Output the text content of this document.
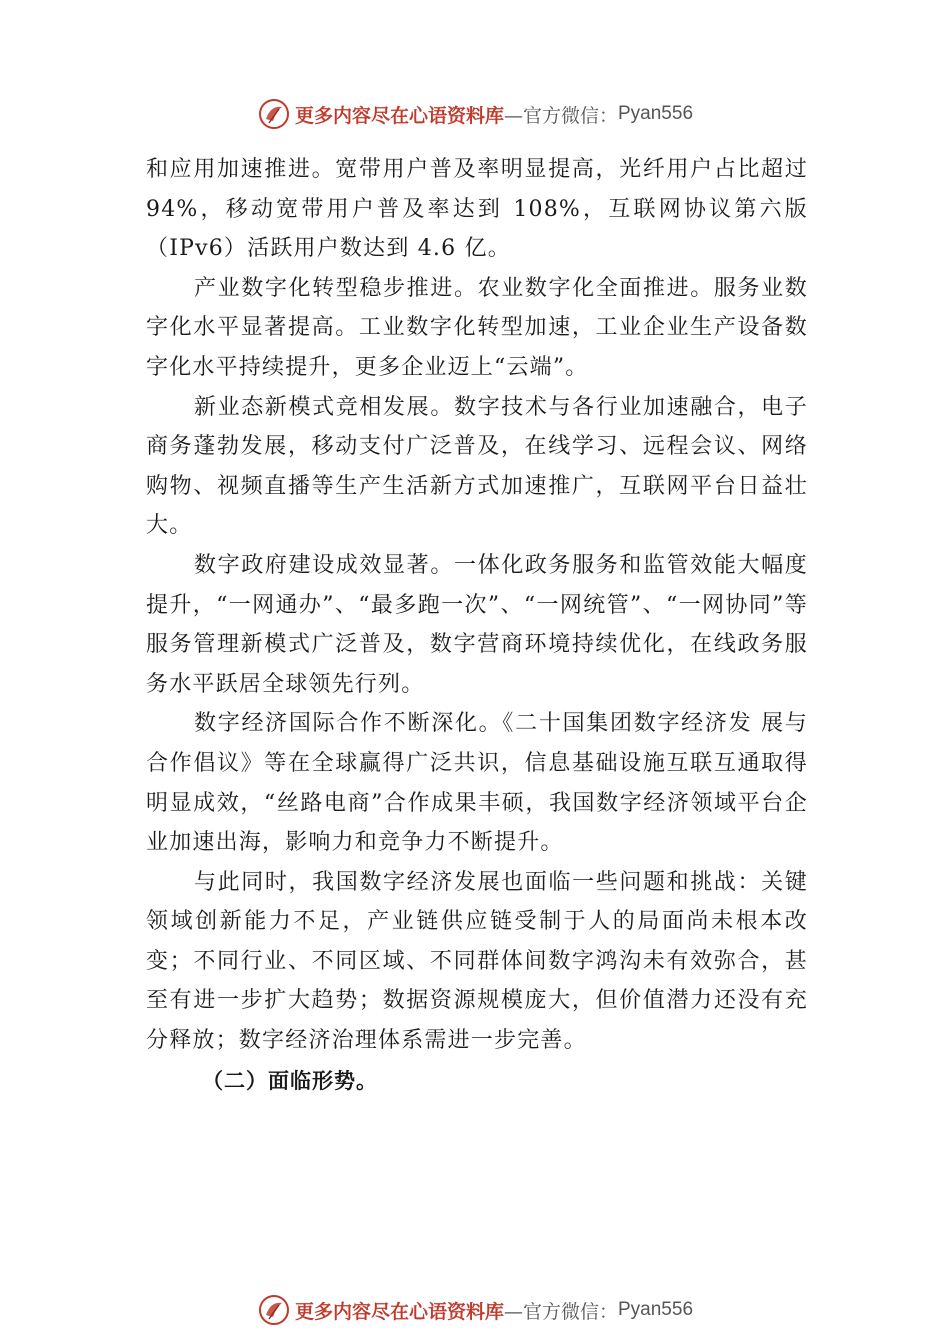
更多内容尽在心语资料库 —官方微信： Pyan556

和应用加速推进。宽带用户普及率明显提高，光纤用户占比超过 94%，移动宽带用户普及率达到 108%，互联网协议第六版（IPv6）活跃用户数达到 4.6 亿。

产业数字化转型稳步推进。农业数字化全面推进。服务业数字化水平显著提高。工业数字化转型加速，工业企业生产设备数字化水平持续提升，更多企业迈上“云端”。

新业态新模式竞相发展。数字技术与各行业加速融合，电子商务蓬勃发展，移动支付广泛普及，在线学习、远程会议、网络购物、视频直播等生产生活新方式加速推广，互联网平台日益壮大。

数字政府建设成效显著。一体化政务服务和监管效能大幅度提升，“一网通办”、“最多跑一次”、“一网统管”、“一网协同”等服务管理新模式广泛普及，数字营商环境持续优化，在线政务服务水平跃居全球领先行列。

数字经济国际合作不断深化。《二十国集团数字经济发 展与合作倡议》等在全球赢得广泛共识，信息基础设施互联互通取得明显成效，“丝路电商”合作成果丰硕，我国数字经济领域平台企业加速出海，影响力和竞争力不断提升。

与此同时，我国数字经济发展也面临一些问题和挑战：关键领域创新能力不足，产业链供应链受制于人的局面尚未根本改变；不同行业、不同区域、不同群体间数字鸿沟未有效弥合，甚至有进一步扩大趋势；数据资源规模庞大，但价值潜力还没有充分释放；数字经济治理体系需进一步完善。

（二）面临形势。

更多内容尽在心语资料库 —官方微信： Pyan556
